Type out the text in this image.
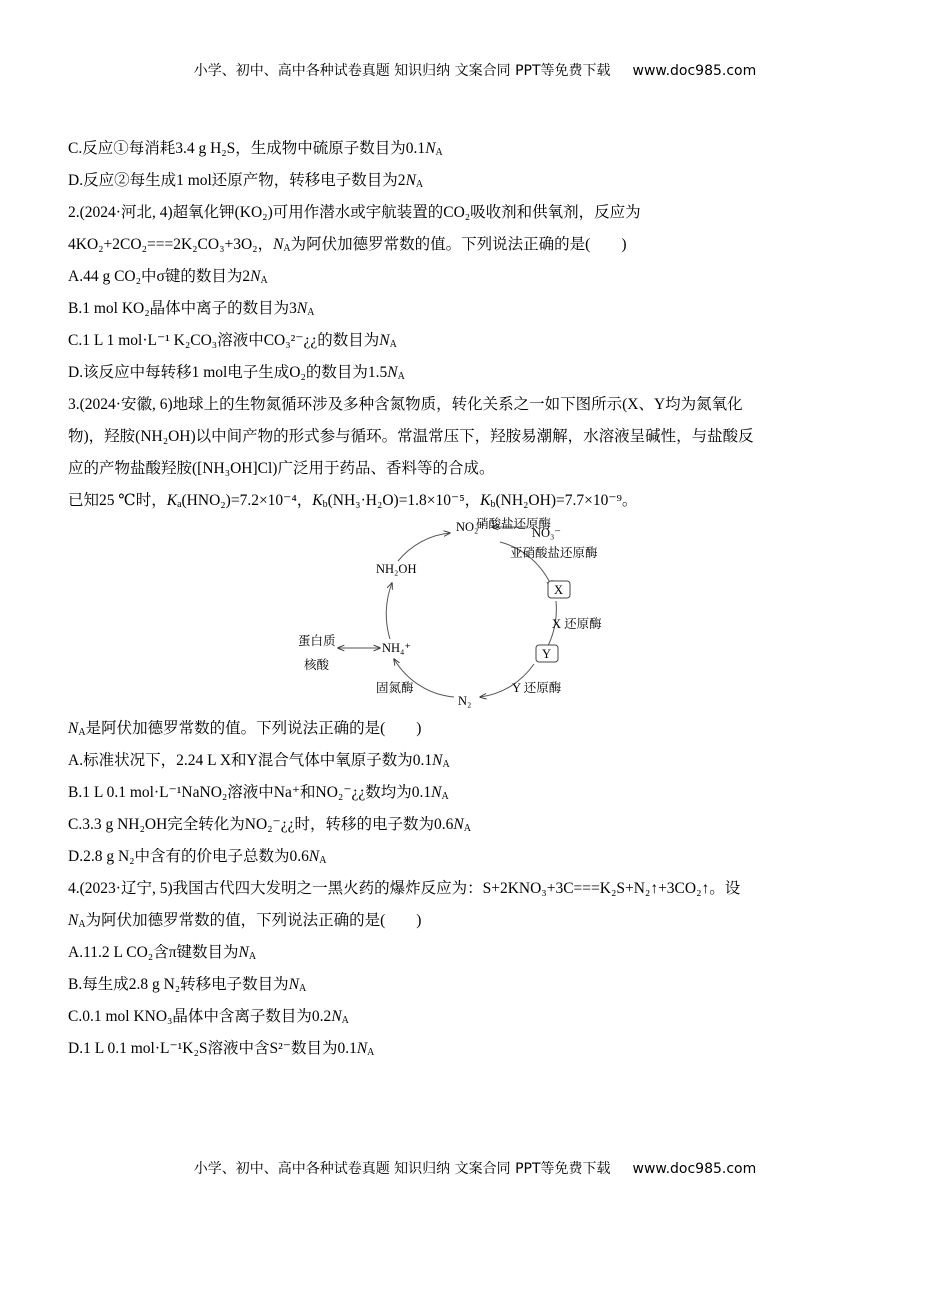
小学、初中、高中各种试卷真题 知识归纳 文案合同 PPT等免费下载 www.doc985.com
C.反应①每消耗3.4 g H₂S，生成物中硫原子数目为$0.1N_A$
D.反应②每生成1 mol还原产物，转移电子数目为$2N_A$
2.(2024·河北, 4)超氧化钾(KO₂)可用作潜水或宇航装置的CO₂吸收剂和供氧剂，反应为
4KO₂+2CO₂===2K₂CO₃+3O₂，$N_A$为阿伏加德罗常数的值。下列说法正确的是(　　)
A.44 g CO₂中σ键的数目为$2N_A$
B.1 mol KO₂晶体中离子的数目为$3N_A$
C.1 L 1 mol·L⁻¹ K₂CO₃溶液中CO₃²⁻¿¿的数目为$N_A$
D.该反应中每转移1 mol电子生成O₂的数目为$1.5N_A$
3.(2024·安徽, 6)地球上的生物氮循环涉及多种含氮物质，转化关系之一如下图所示(X、Y均为氮氧化
物)，羟胺(NH₂OH)以中间产物的形式参与循环。常温常压下，羟胺易潮解，水溶液呈碱性，与盐酸反
应的产物盐酸羟胺([NH₃OH]Cl)广泛用于药品、香料等的合成。
已知25 ℃时，$K_a(HNO_2)=7.2\times 10^{-4}$，$K_b(NH_3\cdot H_2O)=1.8\times 10^{-5}$，$K_b(NH_2OH)=7.7\times 10^{-9}$。
NO₂⁻	NO₃⁻
硝酸盐还原酶
亚硝酸盐还原酶
X
X 还原酶
Y
Y 还原酶
N₂
固氮酶
NH₄⁺
NH₂OH
蛋白质
核酸
$N_A$是阿伏加德罗常数的值。下列说法正确的是(　　)
A.标准状况下，2.24 L X和Y混合气体中氧原子数为$0.1N_A$
B.1 L 0.1 mol·L⁻¹NaNO₂溶液中Na⁺和NO₂⁻¿¿数均为$0.1N_A$
C.3.3 g NH₂OH完全转化为NO₂⁻¿¿时，转移的电子数为$0.6N_A$
D.2.8 g N₂中含有的价电子总数为$0.6N_A$
4.(2023·辽宁, 5)我国古代四大发明之一黑火药的爆炸反应为：S+2KNO₃+3C===K₂S+N₂↑+3CO₂↑。设
$N_A$为阿伏加德罗常数的值，下列说法正确的是(　　)
A.11.2 L CO₂含π键数目为$N_A$
B.每生成2.8 g N₂转移电子数目为$N_A$
C.0.1 mol KNO₃晶体中含离子数目为$0.2N_A$
D.1 L 0.1 mol·L⁻¹K₂S溶液中含S²⁻数目为$0.1N_A$
小学、初中、高中各种试卷真题 知识归纳 文案合同 PPT等免费下载 www.doc985.com
